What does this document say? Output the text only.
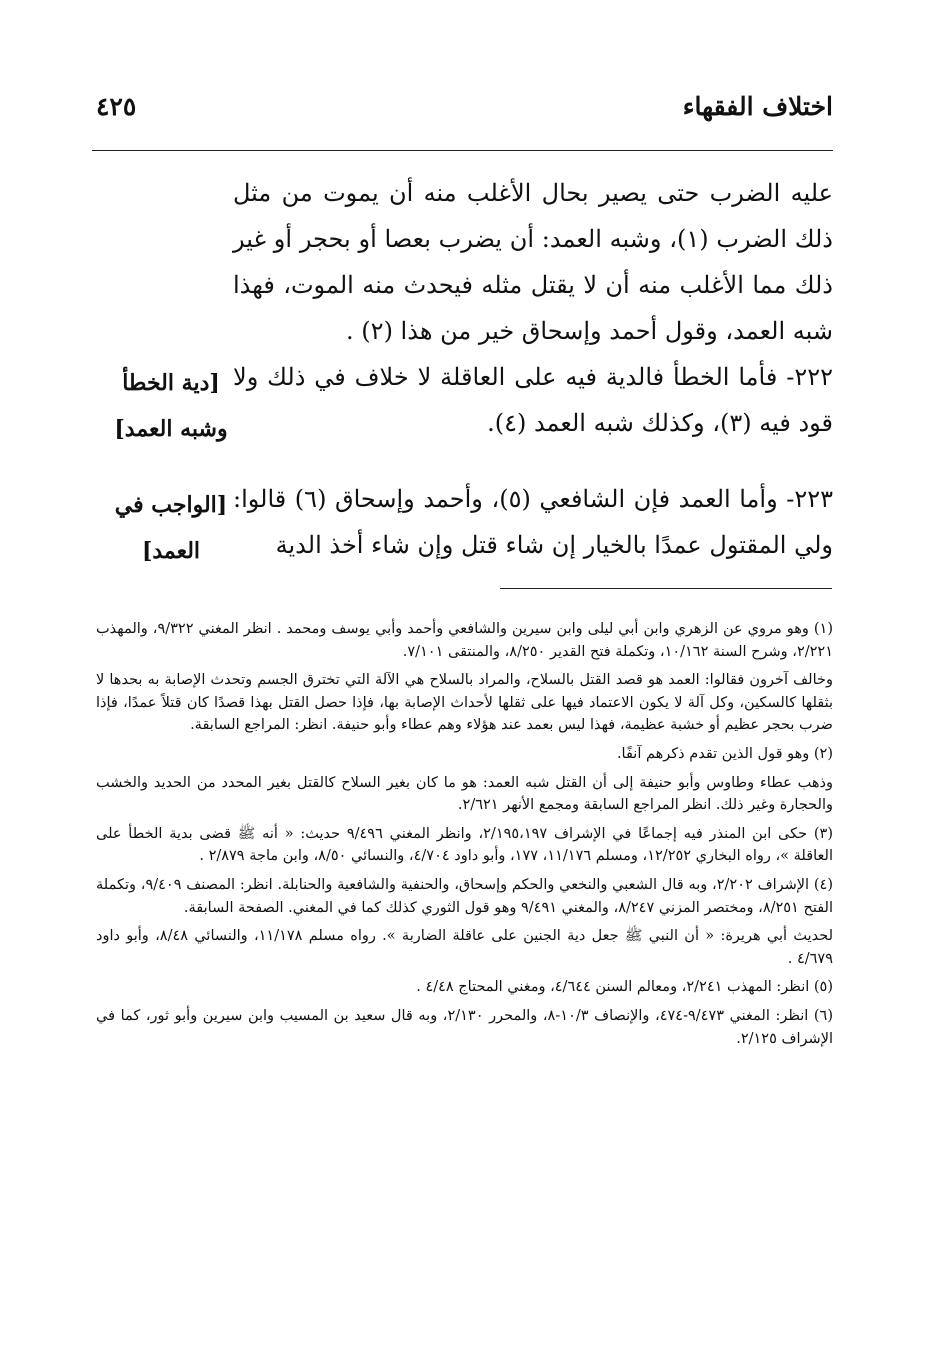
اختلاف الفقهاء
٤٢٥
عليه الضرب حتى يصير بحال الأغلب منه أن يموت من مثل ذلك الضرب (١)، وشبه العمد: أن يضرب بعصا أو بحجر أو غير ذلك مما الأغلب منه أن لا يقتل مثله فيحدث منه الموت، فهذا شبه العمد، وقول أحمد وإسحاق خير من هذا (٢) .
٢٢٢- فأما الخطأ فالدية فيه على العاقلة لا خلاف في ذلك ولا قود فيه (٣)، وكذلك شبه العمد (٤).
٢٢٣- وأما العمد فإن الشافعي (٥)، وأحمد وإسحاق (٦) قالوا: ولي المقتول عمدًا بالخيار إن شاء قتل وإن شاء أخذ الدية
[دية الخطأ
وشبه العمد]
[الواجب في
العمد]

(١) وهو مروي عن الزهري وابن أبي ليلى وابن سيرين والشافعي وأحمد وأبي يوسف ومحمد . انظر المغني ٩/٣٢٢، والمهذب ٢/٢٢١، وشرح السنة ١٠/١٦٢، وتكملة فتح القدير ٨/٢٥٠، والمنتقى ٧/١٠١.

وخالف آخرون فقالوا: العمد هو قصد القتل بالسلاح، والمراد بالسلاح هي الآلة التي تخترق الجسم وتحدث الإصابة به بحدها لا بثقلها كالسكين، وكل آلة لا يكون الاعتماد فيها على ثقلها لأحداث الإصابة بها، فإذا حصل القتل بهذا قصدًا كان قتلاً عمدًا، فإذا ضرب بحجر عظيم أو خشبة عظيمة، فهذا ليس بعمد عند هؤلاء وهم عطاء وأبو حنيفة. انظر: المراجع السابقة.

(٢) وهو قول الذين تقدم ذكرهم آنفًا.

وذهب عطاء وطاوس وأبو حنيفة إلى أن القتل شبه العمد: هو ما كان بغير السلاح كالقتل بغير المحدد من الحديد والخشب والحجارة وغير ذلك. انظر المراجع السابقة ومجمع الأنهر ٢/٦٢١.

(٣) حكى ابن المنذر فيه إجماعًا في الإشراف ٢/١٩٥،١٩٧، وانظر المغني ٩/٤٩٦ حديث: « أنه ﷺ قضى بدية الخطأ على العاقلة »، رواه البخاري ١٢/٢٥٢، ومسلم ١١/١٧٦، ١٧٧، وأبو داود ٤/٧٠٤، والنسائي ٨/٥٠، وابن ماجة ٢/٨٧٩ .

(٤) الإشراف ٢/٢٠٢، وبه قال الشعبي والنخعي والحكم وإسحاق، والحنفية والشافعية والحنابلة. انظر: المصنف ٩/٤٠٩، وتكملة الفتح ٨/٢٥١، ومختصر المزني ٨/٢٤٧، والمغني ٩/٤٩١ وهو قول الثوري كذلك كما في المغني. الصفحة السابقة.

لحديث أبي هريرة: « أن النبي ﷺ جعل دية الجنين على عاقلة الضاربة ». رواه مسلم ١١/١٧٨، والنسائي ٨/٤٨، وأبو داود ٤/٦٧٩ .

(٥) انظر: المهذب ٢/٢٤١، ومعالم السنن ٤/٦٤٤، ومغني المحتاج ٤/٤٨ .

(٦) انظر: المغني ٩/٤٧٣-٤٧٤، والإنصاف ١٠/٣-٨، والمحرر ٢/١٣٠، وبه قال سعيد بن المسيب وابن سيرين وأبو ثور، كما في الإشراف ٢/١٢٥.
